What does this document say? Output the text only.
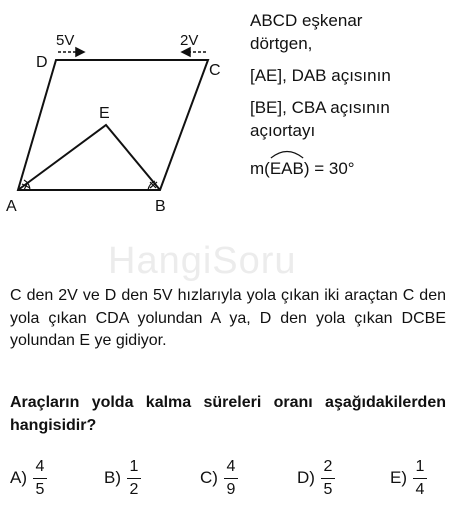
D	C
A	B
E
5V	2V
ABCD eşkenar
dörtgen,
[AE], DAB açısının
[BE], CBA açısının
açıortayı
m(
EAB) = 30°
HangiSoru
C den 2V ve D den 5V hızlarıyla yola çıkan iki araçtan C den yola çıkan CDA yolundan A ya, D den yola çıkan DCBE yolundan E ye gidiyor.
Araçların yolda kalma süreleri oranı aşağıdakilerden hangisidir?
$A) \frac{4}{5}$	$B) \frac{1}{2}$	$C) \frac{4}{9}$	$D) \frac{2}{5}$	$E) \frac{1}{4}$
